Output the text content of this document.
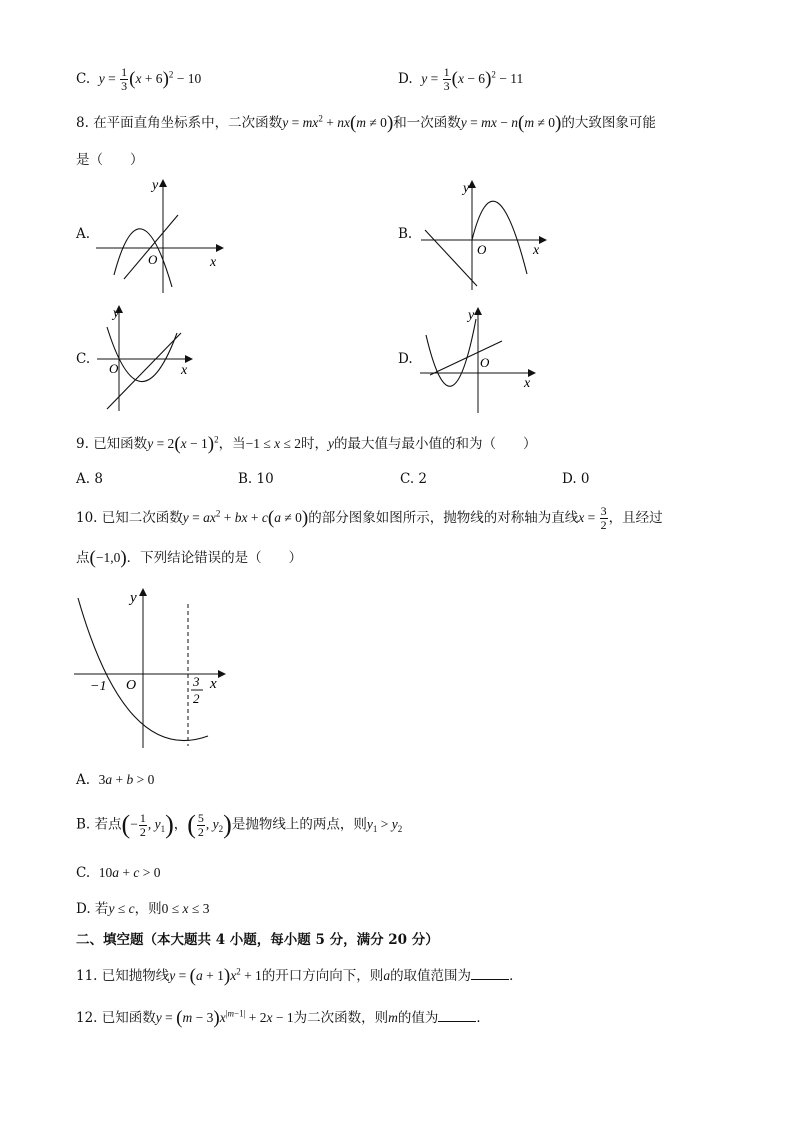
C. $y = \frac{1}{3} (x + 6)^2 - 10$	D. $y = \frac{1}{3} (x - 6)^2 - 11$
8. 在平面直角坐标系中，二次函数$y = mx^2 + nx(m \ne 0)$和一次函数y = mx − n(m ≠ 0)的大致图象可能
是（　　）
A.	B.
C.	D.
y
x
O
y
x
O
y
x
O
y
x
O
9. 已知函数$y = 2(x - 1)^2$，当−1 ≤ x ≤ 2时，y的最大值与最小值的和为（　　）
A. 8	B. 10	C. 2	D. 0
10. 已知二次函数$y = ax^2$ + bx + c(a ≠ 0)的部分图象如图所示，抛物线的对称轴为直线$x = \frac{3}{2}$ ，且经过
点(−1,0)．下列结论错误的是（　　）
y
x
O
−1	3
2
A. 3a + b > 0
B. 若点(− $\frac{1}{2}$ , $y_1$)，( $\frac{5}{2}$ , $y_2$)是抛物线上的两点，则$y_1 > y_2$
C. 10a + c > 0
D. 若y ≤ c，则0 ≤ x ≤ 3
二、填空题（本大题共 4 小题，每小题 5 分，满分 20 分）
11. 已知抛物线$y = (a + 1)x^2 + 1$的开口方向向下，则a的取值范围为	．
12. 已知函数$y = (m - 3)x^{|m-1|} + 2x - 1$为二次函数，则m的值为	．
